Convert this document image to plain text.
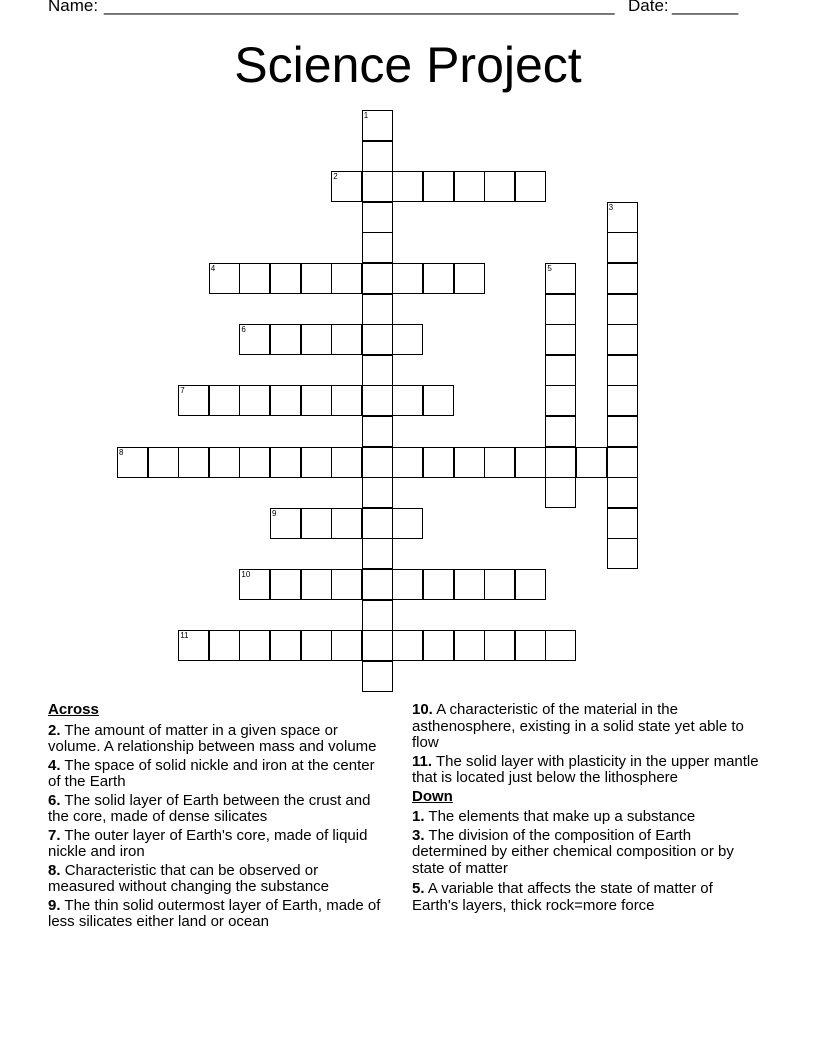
Name: ______________________________________________________ Date: _______
Science Project
1
2
3
4	5
6
7
8
9
10
11
Across
2. The amount of matter in a given space or volume. A relationship between mass and volume
4. The space of solid nickle and iron at the center of the Earth
6. The solid layer of Earth between the crust and the core, made of dense silicates
7. The outer layer of Earth's core, made of liquid nickle and iron
8. Characteristic that can be observed or measured without changing the substance
9. The thin solid outermost layer of Earth, made of less silicates either land or ocean
10. A characteristic of the material in the asthenosphere, existing in a solid state yet able to flow
11. The solid layer with plasticity in the upper mantle that is located just below the lithosphere
Down
1. The elements that make up a substance
3. The division of the composition of Earth determined by either chemical composition or by state of matter
5. A variable that affects the state of matter of Earth's layers, thick rock=more force
